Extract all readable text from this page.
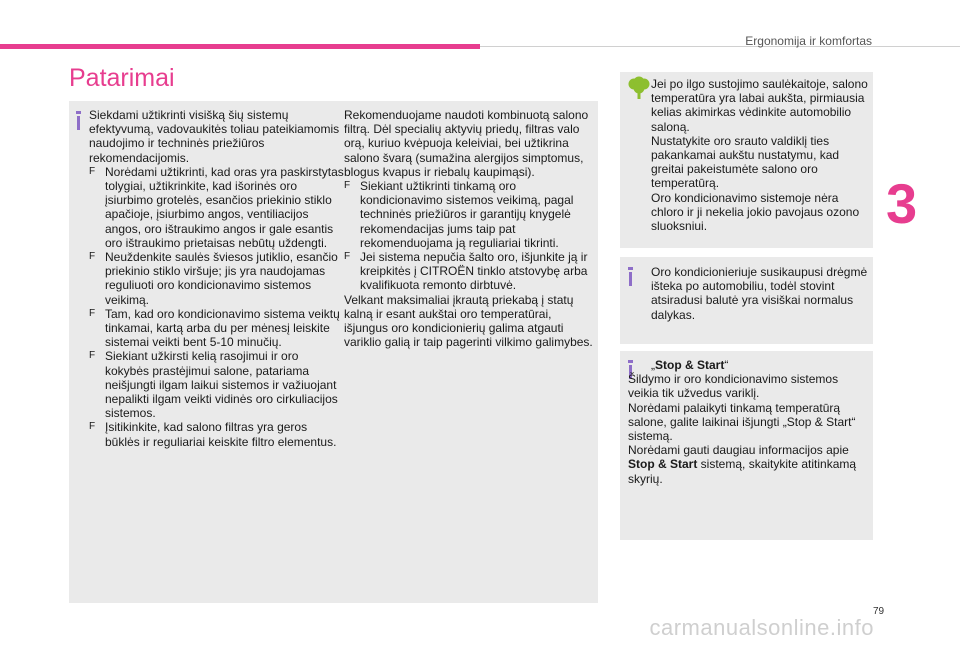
Ergonomija ir komfortas
3
Patarimai

Siekdami užtikrinti visišką šių sistemų efektyvumą, vadovaukitės toliau pateikiamomis naudojimo ir techninės priežiūros rekomendacijomis.

F Norėdami užtikrinti, kad oras yra paskirstytas tolygiai, užtikrinkite, kad išorinės oro įsiurbimo grotelės, esančios priekinio stiklo apačioje, įsiurbimo angos, ventiliacijos angos, oro ištraukimo angos ir gale esantis oro ištraukimo prietaisas nebūtų uždengti.
F Neuždenkite saulės šviesos jutiklio, esančio priekinio stiklo viršuje; jis yra naudojamas reguliuoti oro kondicionavimo sistemos veikimą.
F Tam, kad oro kondicionavimo sistema veiktų tinkamai, kartą arba du per mėnesį leiskite sistemai veikti bent 5-10 minučių.
F Siekiant užkirsti kelią rasojimui ir oro kokybės prastėjimui salone, patariama neišjungti ilgam laikui sistemos ir važiuojant nepalikti ilgam veikti vidinės oro cirkuliacijos sistemos.
F Įsitikinkite, kad salono filtras yra geros būklės ir reguliariai keiskite filtro elementus.

Rekomenduojame naudoti kombinuotą salono filtrą. Dėl specialių aktyvių priedų, filtras valo orą, kuriuo kvėpuoja keleiviai, bei užtikrina salono švarą (sumažina alergijos simptomus, blogus kvapus ir riebalų kaupimąsi).

F Siekiant užtikrinti tinkamą oro kondicionavimo sistemos veikimą, pagal techninės priežiūros ir garantijų knygelė rekomendacijas jums taip pat rekomenduojama ją reguliariai tikrinti.
F Jei sistema nepučia šalto oro, išjunkite ją ir kreipkitės į CITROËN tinklo atstovybę arba kvalifikuota remonto dirbtuvė.

Velkant maksimaliai įkrautą priekabą į statų kalną ir esant aukštai oro temperatūrai, išjungus oro kondicionierių galima atgauti variklio galią ir taip pagerinti vilkimo galimybes.

Jei po ilgo sustojimo saulėkaitoje, salono temperatūra yra labai aukšta, pirmiausia kelias akimirkas vėdinkite automobilio saloną.

Nustatykite oro srauto valdiklį ties pakankamai aukštu nustatymu, kad greitai pakeistumėte salono oro temperatūrą.

Oro kondicionavimo sistemoje nėra chloro ir ji nekelia jokio pavojaus ozono sluoksniui.

Oro kondicionieriuje susikaupusi drėgmė išteka po automobiliu, todėl stovint atsiradusi balutė yra visiškai normalus dalykas.

„Stop & Start“

Šildymo ir oro kondicionavimo sistemos veikia tik užvedus variklį.

Norėdami palaikyti tinkamą temperatūrą salone, galite laikinai išjungti „Stop & Start“ sistemą.

Norėdami gauti daugiau informacijos apie Stop & Start sistemą, skaitykite atitinkamą skyrių.

79
carmanualsonline.info
